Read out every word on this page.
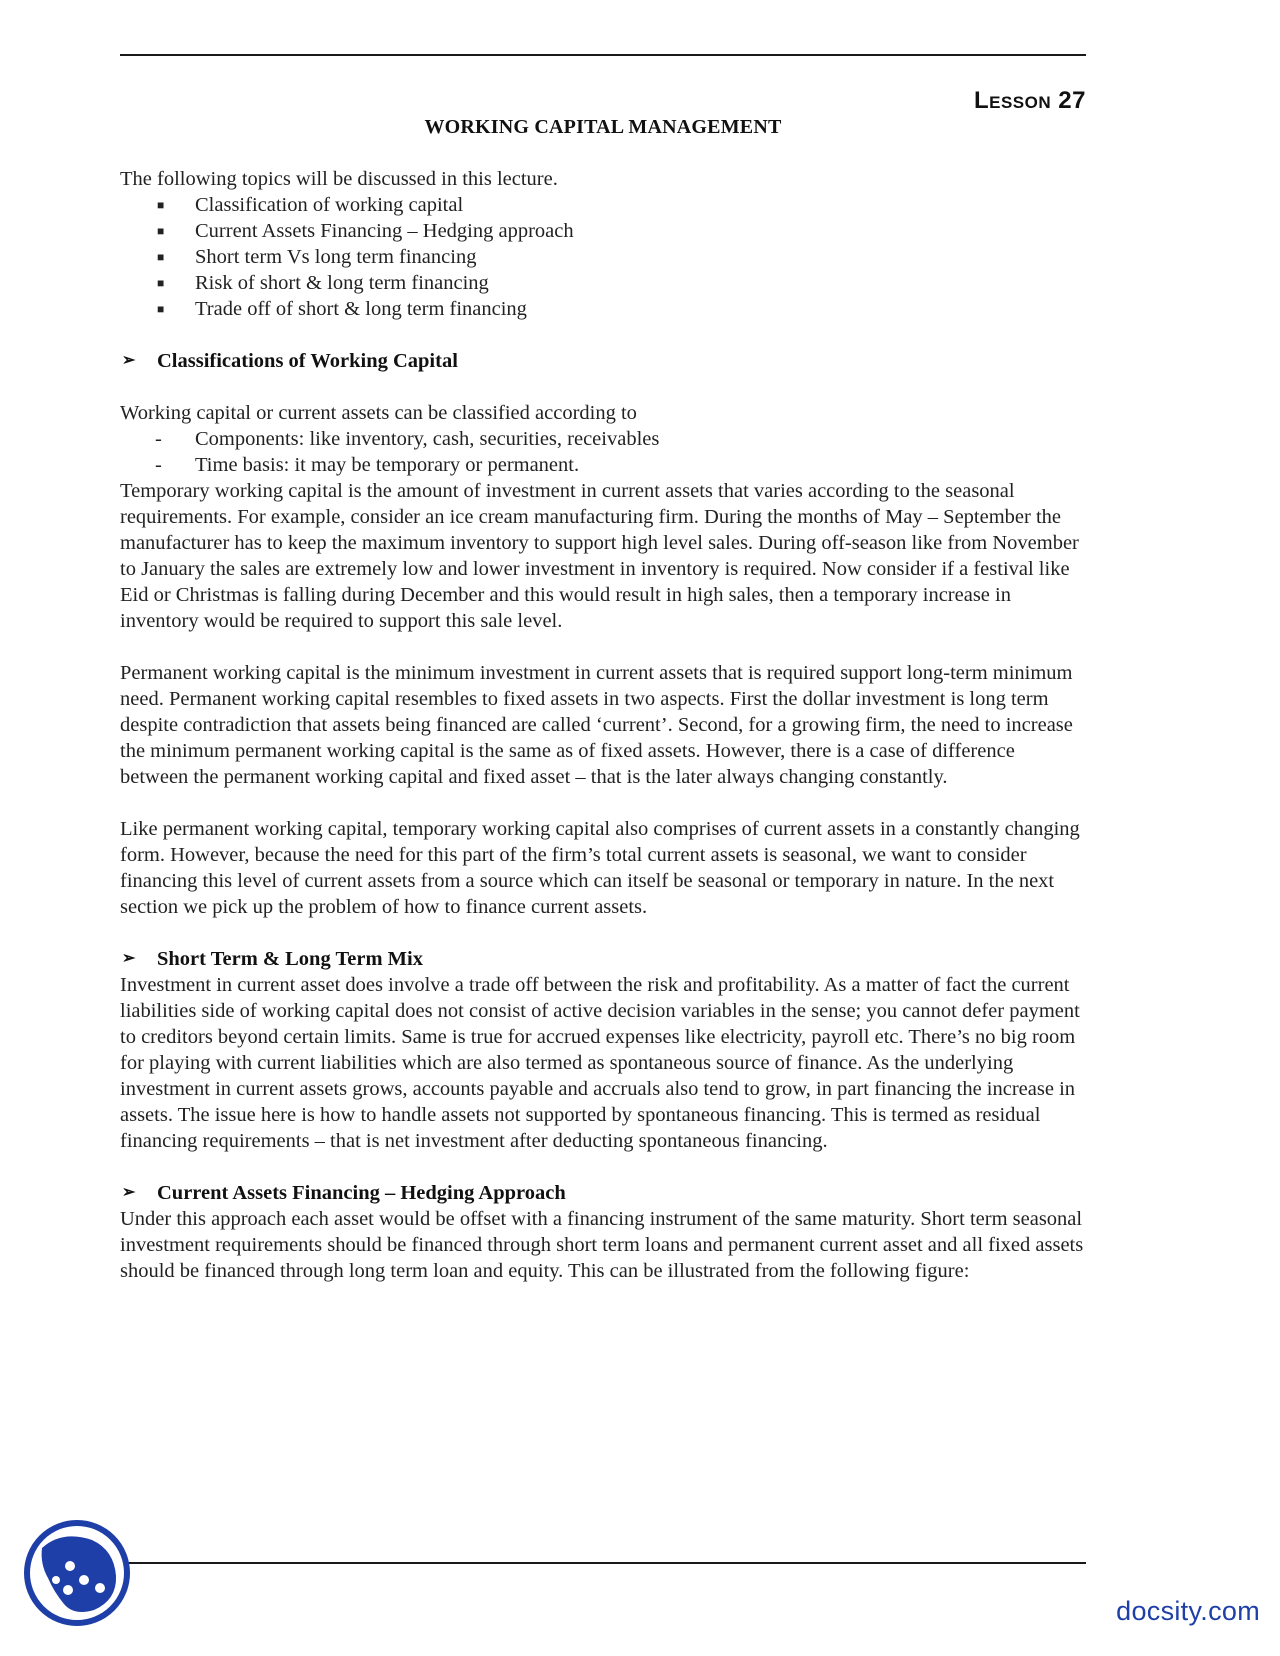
Lesson 27
WORKING CAPITAL MANAGEMENT

The following topics will be discussed in this lecture.

■ Classification of working capital
■ Current Assets Financing – Hedging approach
■ Short term Vs long term financing
■ Risk of short & long term financing
■ Trade off of short & long term financing
➢ Classifications of Working Capital

Working capital or current assets can be classified according to

- Components: like inventory, cash, securities, receivables
- Time basis: it may be temporary or permanent.

Temporary working capital is the amount of investment in current assets that varies according to the seasonal requirements. For example, consider an ice cream manufacturing firm. During the months of May – September the manufacturer has to keep the maximum inventory to support high level sales. During off-season like from November to January the sales are extremely low and lower investment in inventory is required. Now consider if a festival like Eid or Christmas is falling during December and this would result in high sales, then a temporary increase in inventory would be required to support this sale level.

Permanent working capital is the minimum investment in current assets that is required support long-term minimum need. Permanent working capital resembles to fixed assets in two aspects. First the dollar investment is long term despite contradiction that assets being financed are called ‘current’. Second, for a growing firm, the need to increase the minimum permanent working capital is the same as of fixed assets. However, there is a case of difference between the permanent working capital and fixed asset – that is the later always changing constantly.

Like permanent working capital, temporary working capital also comprises of current assets in a constantly changing form. However, because the need for this part of the firm’s total current assets is seasonal, we want to consider financing this level of current assets from a source which can itself be seasonal or temporary in nature. In the next section we pick up the problem of how to finance current assets.

➢ Short Term & Long Term Mix

Investment in current asset does involve a trade off between the risk and profitability. As a matter of fact the current liabilities side of working capital does not consist of active decision variables in the sense; you cannot defer payment to creditors beyond certain limits. Same is true for accrued expenses like electricity, payroll etc. There’s no big room for playing with current liabilities which are also termed as spontaneous source of finance. As the underlying investment in current assets grows, accounts payable and accruals also tend to grow, in part financing the increase in assets. The issue here is how to handle assets not supported by spontaneous financing. This is termed as residual financing requirements – that is net investment after deducting spontaneous financing.

➢ Current Assets Financing – Hedging Approach

Under this approach each asset would be offset with a financing instrument of the same maturity. Short term seasonal investment requirements should be financed through short term loans and permanent current asset and all fixed assets should be financed through long term loan and equity. This can be illustrated from the following figure:

docsity.com
